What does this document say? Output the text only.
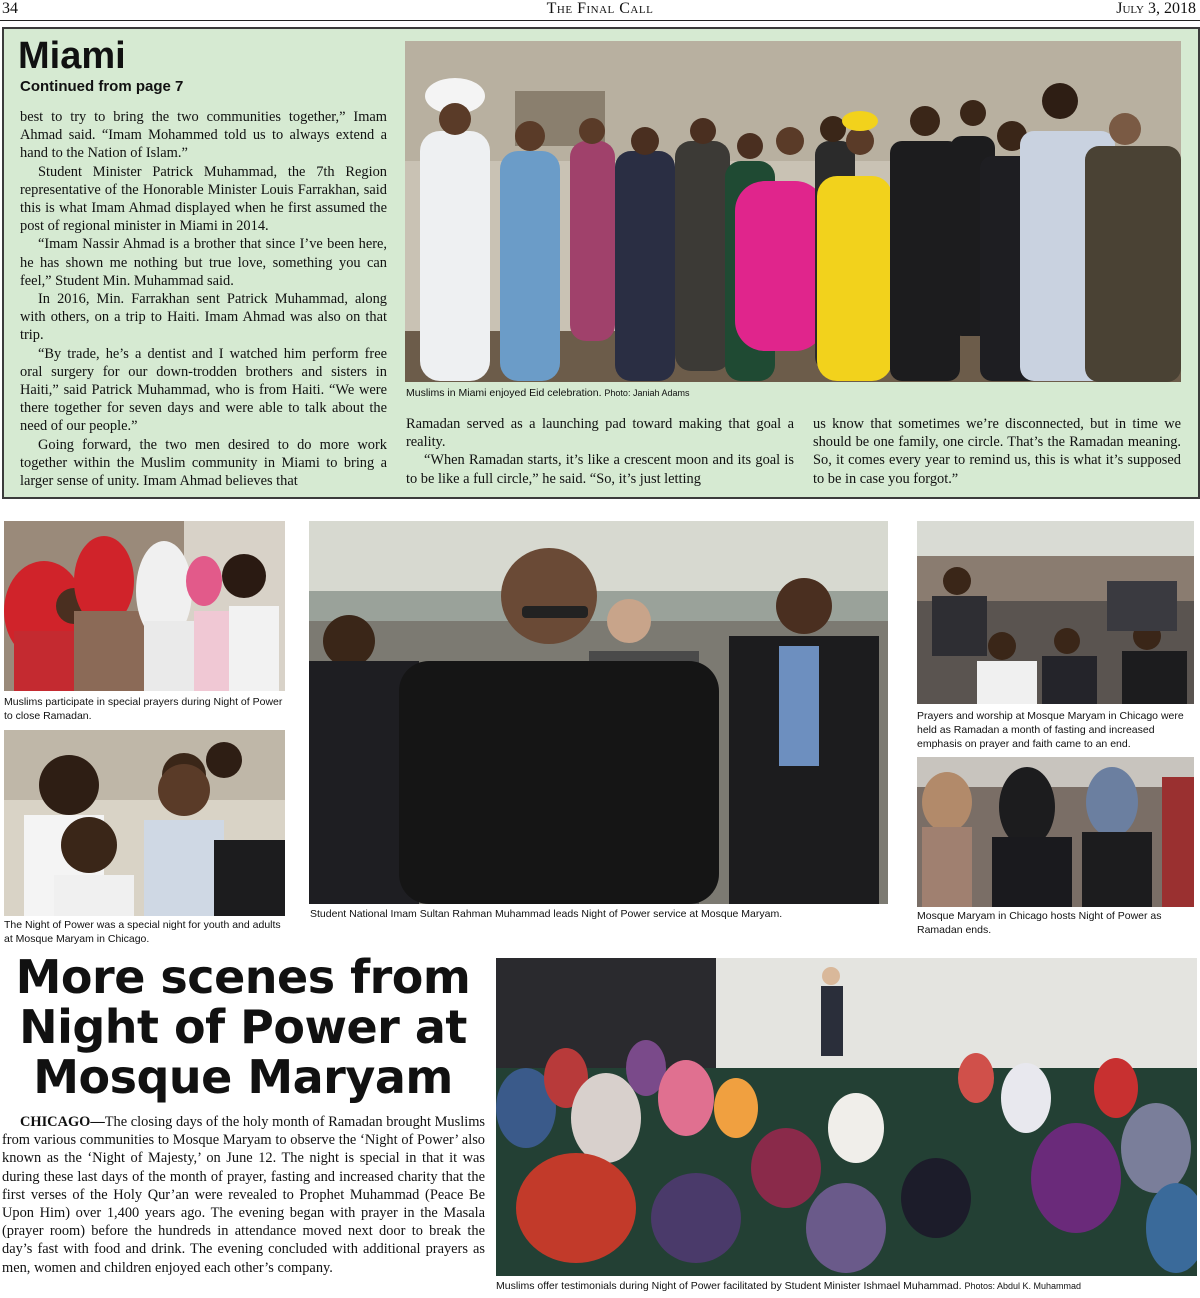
34	The Final Call	July 3, 2018
Miami
Continued from page 7

best to try to bring the two communities together,” Imam Ahmad said. “Imam Mohammed told us to always extend a hand to the Nation of Islam.”

Student Minister Patrick Muhammad, the 7th Region representative of the Honorable Minister Louis Farrakhan, said this is what Imam Ahmad displayed when he first assumed the post of regional minister in Miami in 2014.

“Imam Nassir Ahmad is a brother that since I’ve been here, he has shown me nothing but true love, something you can feel,” Student Min. Muhammad said.

In 2016, Min. Farrakhan sent Patrick Muhammad, along with others, on a trip to Haiti. Imam Ahmad was also on that trip.

“By trade, he’s a dentist and I watched him perform free oral surgery for our down-trodden brothers and sisters in Haiti,” said Patrick Muhammad, who is from Haiti. “We were there together for seven days and were able to talk about the need of our people.”

Going forward, the two men desired to do more work together within the Muslim community in Miami to bring a larger sense of unity. Imam Ahmad believes that

Muslims in Miami enjoyed Eid celebration. Photo: Janiah Adams

Ramadan served as a launching pad toward making that goal a reality.

“When Ramadan starts, it’s like a crescent moon and its goal is to be like a full circle,” he said. “So, it’s just letting

us know that sometimes we’re disconnected, but in time we should be one family, one circle. That’s the Ramadan meaning. So, it comes every year to remind us, this is what it’s supposed to be in case you forgot.”

Muslims participate in special prayers during Night of Power to close Ramadan.
The Night of Power was a special night for youth and adults at Mosque Maryam in Chicago.
Student National Imam Sultan Rahman Muhammad leads Night of Power service at Mosque Maryam.
Prayers and worship at Mosque Maryam in Chicago were held as Ramadan a month of fasting and increased emphasis on prayer and faith came to an end.
Mosque Maryam in Chicago hosts Night of Power as Ramadan ends.
More scenes from
Night of Power at
Mosque Maryam

CHICAGO—The closing days of the holy month of Ramadan brought Muslims from various communities to Mosque Maryam to observe the ‘Night of Power’ also known as the ‘Night of Majesty,’ on June 12. The night is special in that it was during these last days of the month of prayer, fasting and increased charity that the first verses of the Holy Qur’an were revealed to Prophet Muhammad (Peace Be Upon Him) over 1,400 years ago. The evening began with prayer in the Masala (prayer room) before the hundreds in attendance moved next door to break the day’s fast with food and drink. The evening concluded with additional prayers as men, women and children enjoyed each other’s company.

Muslims offer testimonials during Night of Power facilitated by Student Minister Ishmael Muhammad. Photos: Abdul K. Muhammad
